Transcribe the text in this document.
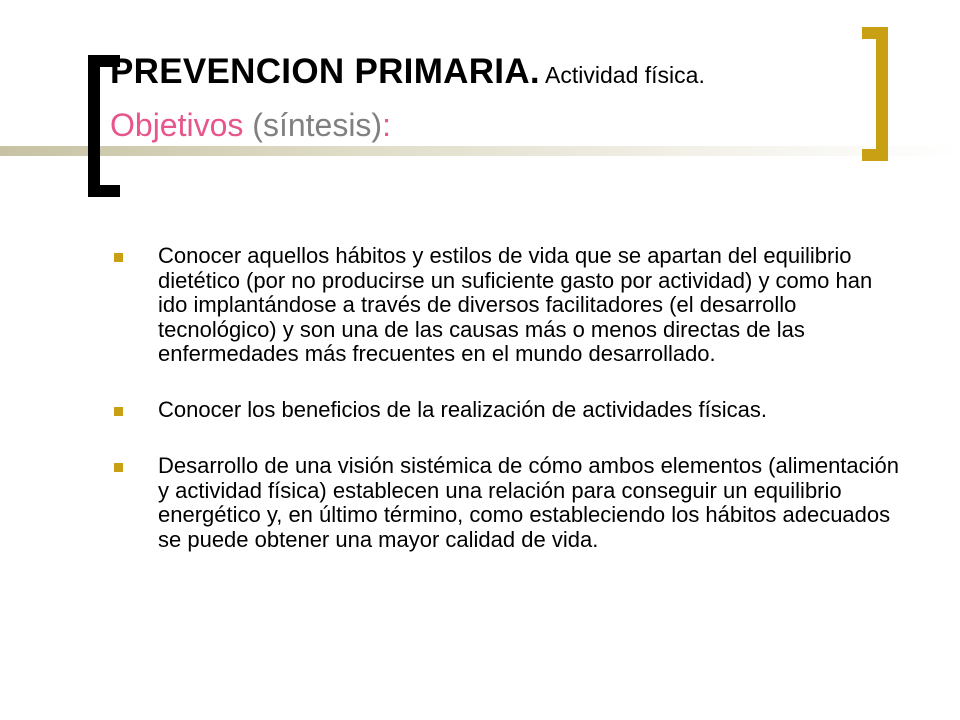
PREVENCION PRIMARIA. Actividad física.
Objetivos (síntesis):
Conocer aquellos hábitos y estilos de vida que se apartan del equilibrio dietético (por no producirse un suficiente gasto por actividad) y como han ido implantándose a través de diversos facilitadores (el desarrollo tecnológico) y son una de las causas más o menos directas de las enfermedades más frecuentes en el mundo desarrollado.
Conocer los beneficios de la realización de actividades físicas.
Desarrollo de una visión sistémica de cómo ambos elementos (alimentación y actividad física) establecen una relación para conseguir un equilibrio energético y, en último término, como estableciendo los hábitos adecuados se puede obtener una mayor calidad de vida.
